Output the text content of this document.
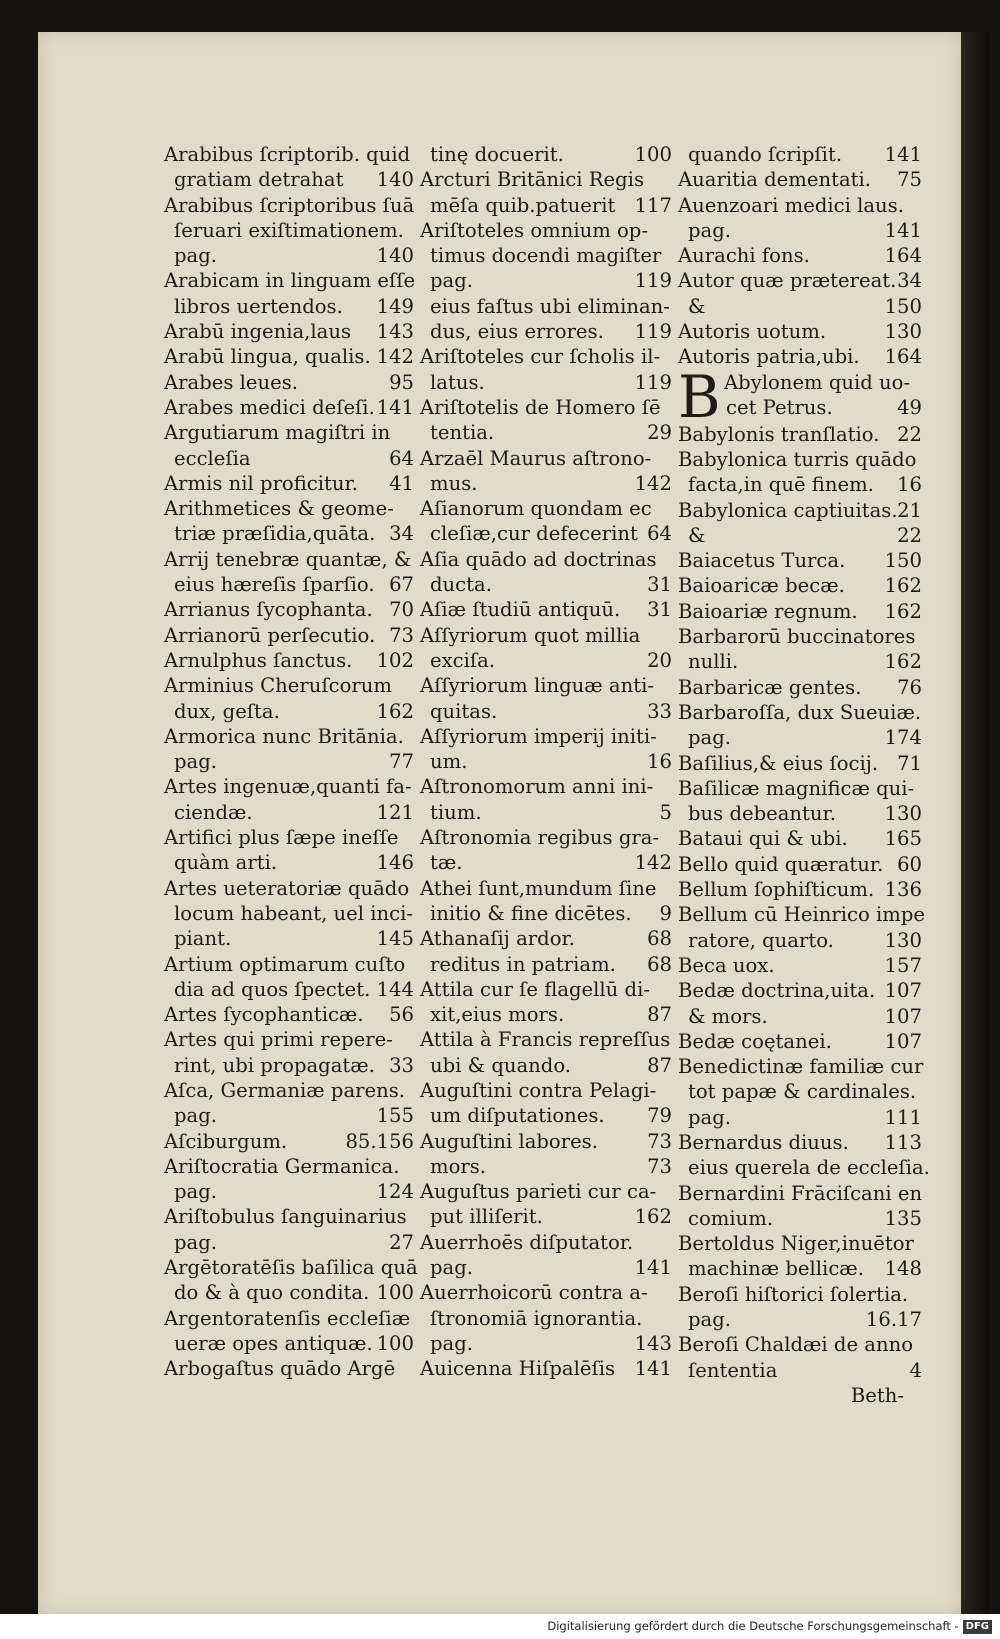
Arabibus ſcriptorib. quid
gratiam detrahat 140
Arabibus ſcriptoribus ſuā
ſeruari exiſtimationem.
pag.	140
Arabicam in linguam eſſe
libros uertendos. 149
Arabū ingenia,laus 143
Arabū lingua, qualis. 142
Arabes leues.	95
Arabes medici deſeſi. 141
Argutiarum magiſtri in
eccleſia	64
Armis nil proficitur. 41
Arithmetices & geome-
triæ præſidia,quāta. 34
Arrij tenebræ quantæ, &
eius hæreſis ſparſio. 67
Arrianus ſycophanta. 70
Arrianorū perſecutio. 73
Arnulphus ſanctus. 102
Arminius Cheruſcorum
dux, geſta.	162
Armorica nunc Britānia.
pag.	77
Artes ingenuæ,quanti fa-
ciendæ.	121
Artifici plus ſæpe ineſſe
quàm arti.	146
Artes ueteratoriæ quādo
locum habeant, uel inci-
piant.	145
Artium optimarum cuſto
dia ad quos ſpectet. 144
Artes ſycophanticæ. 56
Artes qui primi repere-
rint, ubi propagatæ. 33
Aſca, Germaniæ parens.
pag.	155
Aſciburgum.	85.156
Ariſtocratia Germanica.
pag.	124
Ariſtobulus ſanguinarius
pag.	27
Argētoratēſis baſilica quā
do & à quo condita. 100
Argentoratenſis eccleſiæ
ueræ opes antiquæ. 100
Arbogaſtus quādo Argē
tinę docuerit.	100
Arcturi Britānici Regis
mēſa quib.patuerit 117
Ariſtoteles omnium op-
timus docendi magiſter
pag.	119
eius faſtus ubi eliminan-
dus, eius errores. 119
Ariſtoteles cur ſcholis il-
latus.	119
Ariſtotelis de Homero ſē
tentia.	29
Arzaēl Maurus aſtrono-
mus.	142
Aſianorum quondam ec
cleſiæ,cur defecerint 64
Aſia quādo ad doctrinas
ducta.	31
Aſiæ ſtudiū antiquū. 31
Aſſyriorum quot millia
exciſa.	20
Aſſyriorum linguæ anti-
quitas.	33
Aſſyriorum imperij initi-
um.	16
Aſtronomorum anni ini-
tium.	5
Aſtronomia regibus gra-
tæ.	142
Athei ſunt,mundum ſine
initio & fine dicētes. 9
Athanaſij ardor.	68
reditus in patriam. 68
Attila cur ſe flagellū di-
xit,eius mors.	87
Attila à Francis repreſſus
ubi & quando.	87
Auguſtini contra Pelagi-
um diſputationes. 79
Auguſtini labores.	73
mors.	73
Auguſtus parieti cur ca-
put illiſerit.	162
Auerrhoēs diſputator.
pag.	141
Auerrhoicorū contra a-
ſtronomiā ignorantia.
pag.	143
Auicenna Hiſpalēſis 141
quando ſcripſit. 141
Auaritia dementati. 75
Auenzoari medici laus.
pag.	141
Aurachi fons.	164
Autor quæ prætereat. 34
&	150
Autoris uotum.	130
Autoris patria,ubi. 164
B Abylonem quid uo-
cet Petrus.	49
Babylonis tranſlatio. 22
Babylonica turris quādo
facta,in quē finem. 16
Babylonica captiuitas. 21
&	22
Baiacetus Turca. 150
Baioaricæ becæ. 162
Baioariæ regnum. 162
Barbarorū buccinatores
nulli.	162
Barbaricæ gentes. 76
Barbaroſſa, dux Sueuiæ.
pag.	174
Baſilius,& eius ſocij. 71
Baſilicæ magnificæ qui-
bus debeantur. 130
Bataui qui & ubi. 165
Bello quid quæratur. 60
Bellum ſophiſticum. 136
Bellum cū Heinrico impe
ratore, quarto.	130
Beca uox.	157
Bedæ doctrina,uita. 107
& mors.	107
Bedæ coętanei.	107
Benedictinæ familiæ cur
tot papæ & cardinales.
pag.	111
Bernardus diuus. 113
eius querela de eccleſia.
Bernardini Frāciſcani en
comium.	135
Bertoldus Niger,inuētor
machinæ bellicæ. 148
Beroſi hiſtorici ſolertia.
pag.	16.17
Beroſi Chaldæi de anno
ſententia	4
Beth-
Digitalisierung gefördert durch die Deutsche Forschungsgemeinschaft - DFG
